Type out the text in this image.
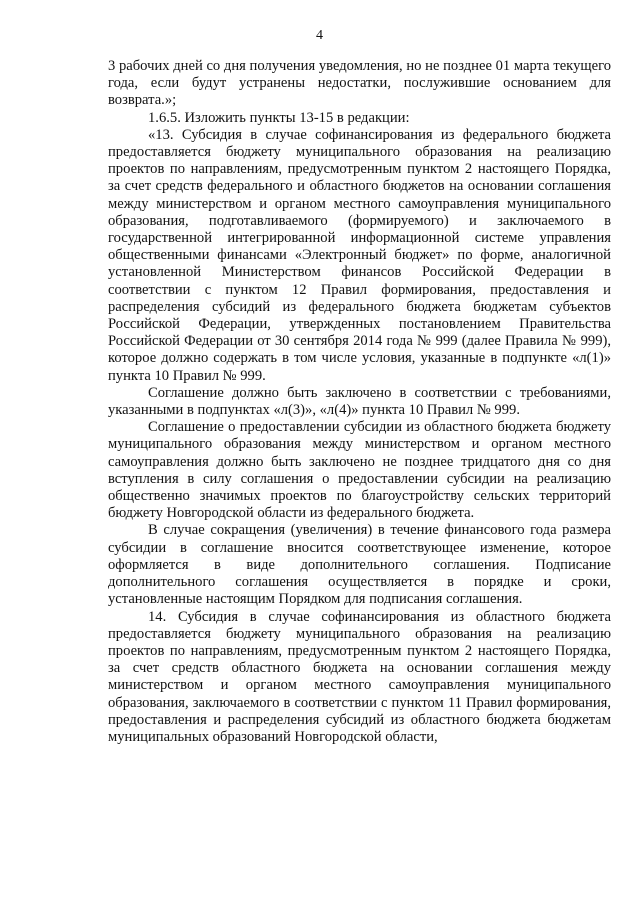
4

3 рабочих дней со дня получения уведомления, но не позднее 01 марта текущего года, если будут устранены недостатки, послужившие основанием для возврата.»;

1.6.5. Изложить пункты 13-15 в редакции:

«13. Субсидия в случае софинансирования из федерального бюджета предоставляется бюджету муниципального образования на реализацию проектов по направлениям, предусмотренным пунктом 2 настоящего Порядка, за счет средств федерального и областного бюджетов на основании соглашения между министерством и органом местного самоуправления муниципального образования, подготавливаемого (формируемого) и заключаемого в государственной интегрированной информационной системе управления общественными финансами «Электронный бюджет» по форме, аналогичной установленной Министерством финансов Российской Федерации в соответствии с пунктом 12 Правил формирования, предоставления и распределения субсидий из федерального бюджета бюджетам субъектов Российской Федерации, утвержденных постановлением Правительства Российской Федерации от 30 сентября 2014 года № 999 (далее Правила № 999), которое должно содержать в том числе условия, указанные в подпункте «л(1)» пункта 10 Правил № 999.

Соглашение должно быть заключено в соответствии с требованиями, указанными в подпунктах «л(3)», «л(4)» пункта 10 Правил № 999.

Соглашение о предоставлении субсидии из областного бюджета бюджету муниципального образования между министерством и органом местного самоуправления должно быть заключено не позднее тридцатого дня со дня вступления в силу соглашения о предоставлении субсидии на реализацию общественно значимых проектов по благоустройству сельских территорий бюджету Новгородской области из федерального бюджета.

В случае сокращения (увеличения) в течение финансового года размера субсидии в соглашение вносится соответствующее изменение, которое оформляется в виде дополнительного соглашения. Подписание дополнительного соглашения осуществляется в порядке и сроки, установленные настоящим Порядком для подписания соглашения.

14. Субсидия в случае софинансирования из областного бюджета предоставляется бюджету муниципального образования на реализацию проектов по направлениям, предусмотренным пунктом 2 настоящего Порядка, за счет средств областного бюджета на основании соглашения между министерством и органом местного самоуправления муниципального образования, заключаемого в соответствии с пунктом 11 Правил формирования, предоставления и распределения субсидий из областного бюджета бюджетам муниципальных образований Новгородской области,
